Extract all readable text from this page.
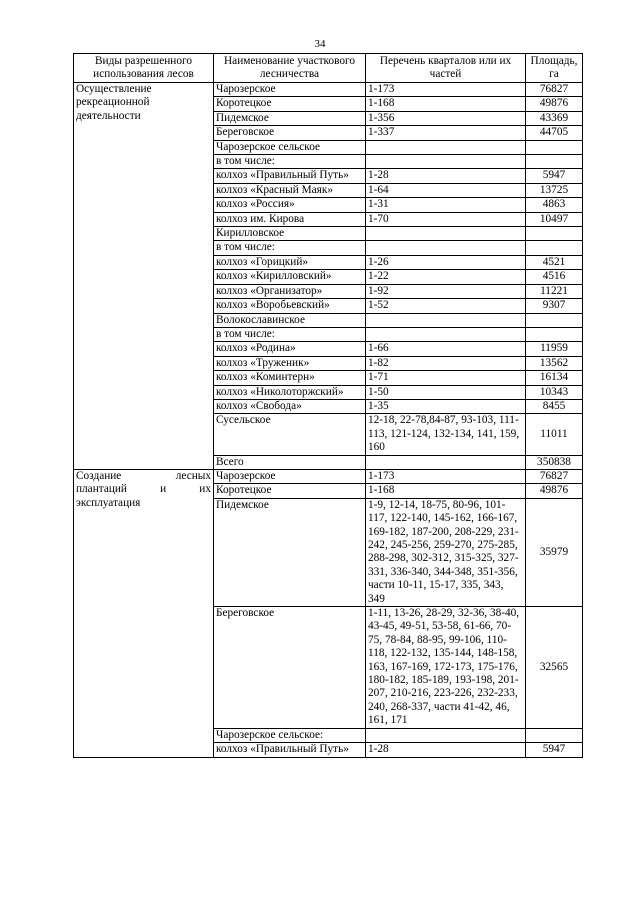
34
Виды разрешенного использования лесов	Наименование участкового лесничества	Перечень кварталов или их частей	Площадь, га
Осуществление рекреационной деятельности	Чарозерское	1-173	76827
	Коротецкое	1-168	49876
	Пидемское	1-356	43369
	Береговское	1-337	44705
	Чарозерское сельское		
	в том числе:		
	колхоз «Правильный Путь»	1-28	5947
	колхоз «Красный Маяк»	1-64	13725
	колхоз «Россия»	1-31	4863
	колхоз им. Кирова	1-70	10497
	Кирилловское		
	в том числе:		
	колхоз «Горицкий»	1-26	4521
	колхоз «Кирилловский»	1-22	4516
	колхоз «Организатор»	1-92	11221
	колхоз «Воробьевский»	1-52	9307
	Волокославинское		
	в том числе:		
	колхоз «Родина»	1-66	11959
	колхоз «Труженик»	1-82	13562
	колхоз «Коминтерн»	1-71	16134
	колхоз «Николоторжский»	1-50	10343
	колхоз «Свобода»	1-35	8455
	Сусельское	12-18, 22-78,84-87, 93-103, 111-113, 121-124, 132-134, 141, 159, 160	11011
	Всего		350838
Создание лесных плантаций и их эксплуатация	Чарозерское	1-173	76827
	Коротецкое	1-168	49876
	Пидемское	1-9, 12-14, 18-75, 80-96, 101-117, 122-140, 145-162, 166-167, 169-182, 187-200, 208-229, 231-242, 245-256, 259-270, 275-285, 288-298, 302-312, 315-325, 327-331, 336-340, 344-348, 351-356, части 10-11, 15-17, 335, 343, 349	35979
	Береговское	1-11, 13-26, 28-29, 32-36, 38-40, 43-45, 49-51, 53-58, 61-66, 70-75, 78-84, 88-95, 99-106, 110-118, 122-132, 135-144, 148-158, 163, 167-169, 172-173, 175-176, 180-182, 185-189, 193-198, 201-207, 210-216, 223-226, 232-233, 240, 268-337, части 41-42, 46, 161, 171	32565
	Чарозерское сельское:		
	колхоз «Правильный Путь»	1-28	5947
